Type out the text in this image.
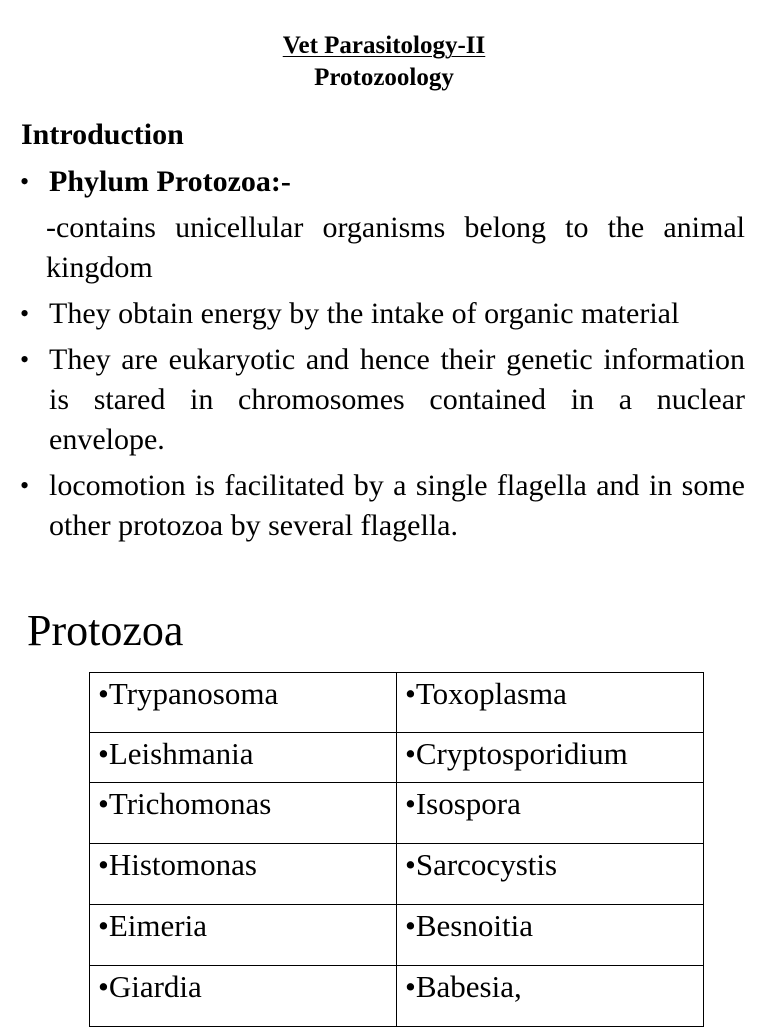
Vet Parasitology-II
Protozoology
Introduction
• Phylum Protozoa:-
-contains unicellular organisms belong to the animal kingdom
• They obtain energy by the intake of organic material
• They are eukaryotic and hence their genetic information is stared in chromosomes contained in a nuclear envelope.
• locomotion is facilitated by a single flagella and in some other protozoa by several flagella.
Protozoa
•Trypanosoma	•Toxoplasma
•Leishmania	•Cryptosporidium
•Trichomonas	•Isospora
•Histomonas	•Sarcocystis
•Eimeria	•Besnoitia
•Giardia	•Babesia,
